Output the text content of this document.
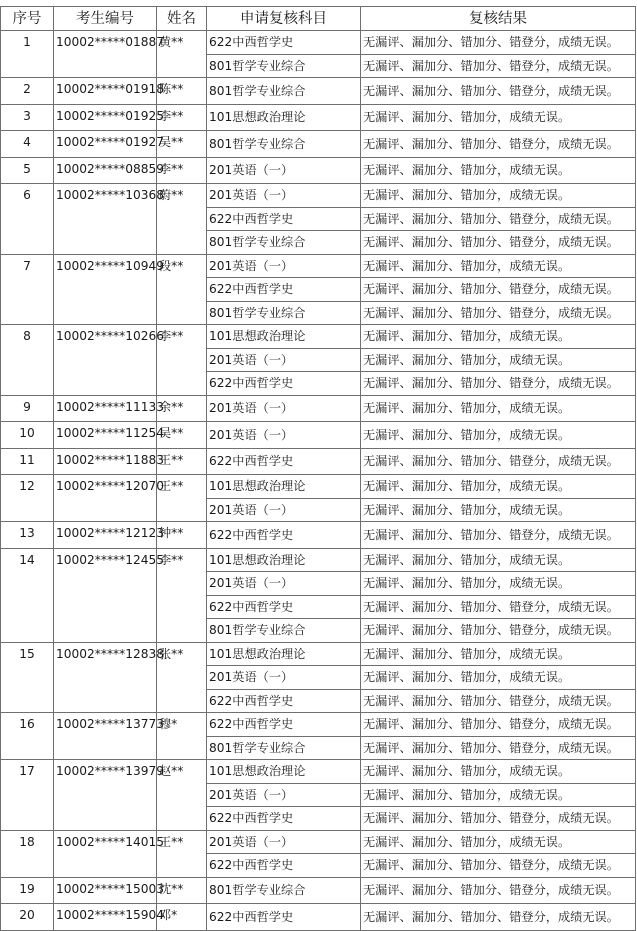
序号	考生编号	姓名	申请复核科目	复核结果
1	10002*****01887	黄**	622中西哲学史	无漏评、漏加分、错加分、错登分，成绩无误。
			801哲学专业综合	无漏评、漏加分、错加分、错登分，成绩无误。
2	10002*****01918	陈**	801哲学专业综合	无漏评、漏加分、错加分、错登分，成绩无误。
3	10002*****01925	李**	101思想政治理论	无漏评、漏加分、错加分，成绩无误。
4	10002*****01927	吴**	801哲学专业综合	无漏评、漏加分、错加分、错登分，成绩无误。
5	10002*****08859	李**	201英语（一）	无漏评、漏加分、错加分，成绩无误。
6	10002*****10368	蔚**	201英语（一）	无漏评、漏加分、错加分，成绩无误。
			622中西哲学史	无漏评、漏加分、错加分、错登分，成绩无误。
			801哲学专业综合	无漏评、漏加分、错加分、错登分，成绩无误。
7	10002*****10949	段**	201英语（一）	无漏评、漏加分、错加分，成绩无误。
			622中西哲学史	无漏评、漏加分、错加分、错登分，成绩无误。
			801哲学专业综合	无漏评、漏加分、错加分、错登分，成绩无误。
8	10002*****10266	李**	101思想政治理论	无漏评、漏加分、错加分，成绩无误。
			201英语（一）	无漏评、漏加分、错加分，成绩无误。
			622中西哲学史	无漏评、漏加分、错加分、错登分，成绩无误。
9	10002*****11133	余**	201英语（一）	无漏评、漏加分、错加分，成绩无误。
10	10002*****11254	吴**	201英语（一）	无漏评、漏加分、错加分，成绩无误。
11	10002*****11883	王**	622中西哲学史	无漏评、漏加分、错加分、错登分，成绩无误。
12	10002*****12070	王**	101思想政治理论	无漏评、漏加分、错加分，成绩无误。
			201英语（一）	无漏评、漏加分、错加分，成绩无误。
13	10002*****12123	钟**	622中西哲学史	无漏评、漏加分、错加分、错登分，成绩无误。
14	10002*****12455	李**	101思想政治理论	无漏评、漏加分、错加分，成绩无误。
			201英语（一）	无漏评、漏加分、错加分，成绩无误。
			622中西哲学史	无漏评、漏加分、错加分、错登分，成绩无误。
			801哲学专业综合	无漏评、漏加分、错加分、错登分，成绩无误。
15	10002*****12838	张**	101思想政治理论	无漏评、漏加分、错加分，成绩无误。
			201英语（一）	无漏评、漏加分、错加分，成绩无误。
			622中西哲学史	无漏评、漏加分、错加分、错登分，成绩无误。
16	10002*****13773	穆*	622中西哲学史	无漏评、漏加分、错加分、错登分，成绩无误。
			801哲学专业综合	无漏评、漏加分、错加分、错登分，成绩无误。
17	10002*****13979	赵**	101思想政治理论	无漏评、漏加分、错加分，成绩无误。
			201英语（一）	无漏评、漏加分、错加分，成绩无误。
			622中西哲学史	无漏评、漏加分、错加分、错登分，成绩无误。
18	10002*****14015	王**	201英语（一）	无漏评、漏加分、错加分，成绩无误。
			622中西哲学史	无漏评、漏加分、错加分、错登分，成绩无误。
19	10002*****15003	沈**	801哲学专业综合	无漏评、漏加分、错加分、错登分，成绩无误。
20	10002*****15904	邓*	622中西哲学史	无漏评、漏加分、错加分、错登分，成绩无误。
